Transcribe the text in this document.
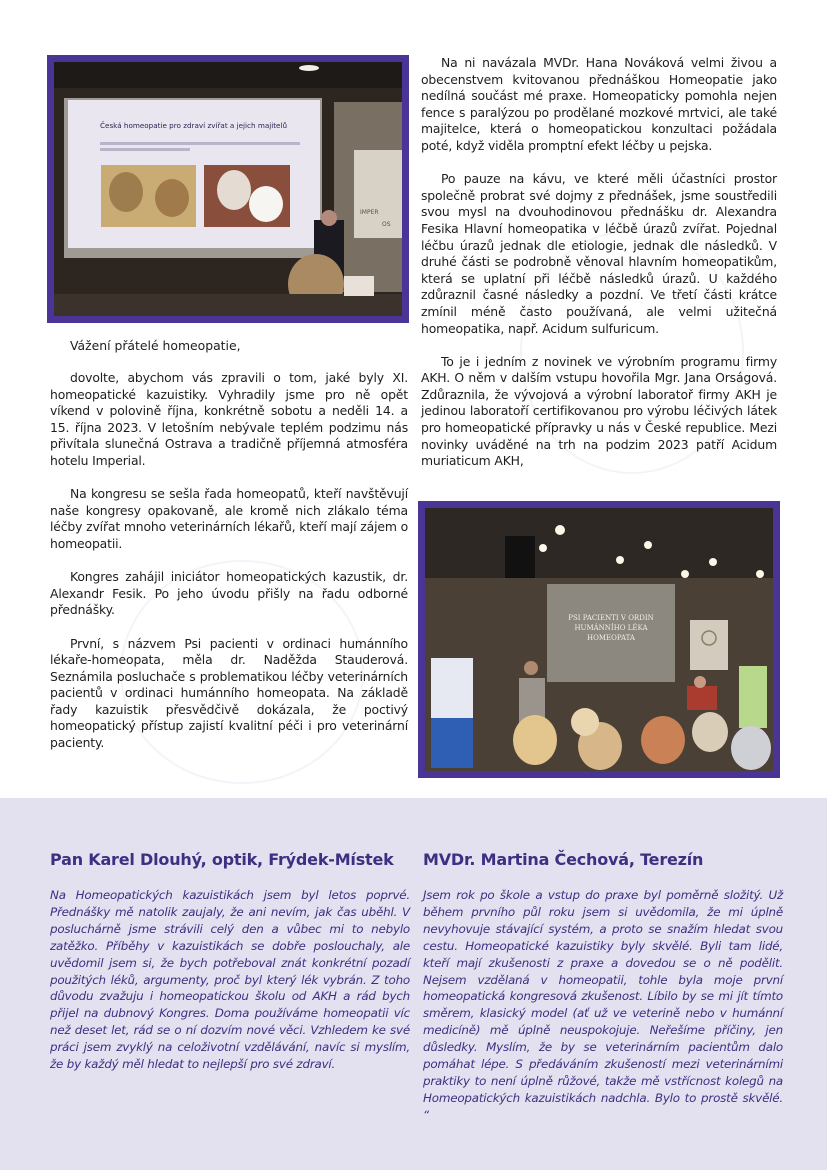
IMPER
OS
Česká homeopatie pro zdraví zvířat a jejich majitelů
Vážení přátelé homeopatie,

dovolte, abychom vás zpravili o tom, jaké byly XI. homeopatické kazuistiky. Vyhradily jsme pro ně opět víkend v polovině října, konkrétně sobotu a neděli 14. a 15. října 2023. V letošním nebývale teplém podzimu nás přivítala slunečná Ostrava a tradičně příjemná atmosféra hotelu Imperial.

Na kongresu se sešla řada homeopatů, kteří navštěvují naše kongresy opakovaně, ale kromě nich zlákalo téma léčby zvířat mnoho veterinárních lékařů, kteří mají zájem o homeopatii.

Kongres zahájil iniciátor homeopatických kazustik, dr. Alexandr Fesik. Po jeho úvodu přišly na řadu odborné přednášky.

První, s názvem Psi pacienti v ordinaci humánního lékaře-homeopata, měla dr. Naděžda Stauderová. Seznámila posluchače s problematikou léčby veterinárních pacientů v ordinaci humánního homeopata. Na základě řady kazuistik přesvědčivě dokázala, že poctivý homeopatický přístup zajistí kvalitní péči i pro veterinární pacienty.

Na ni navázala MVDr. Hana Nováková velmi živou a obecenstvem kvitovanou přednáškou Homeopatie jako nedílná součást mé praxe. Homeopaticky pomohla nejen fence s paralýzou po prodělané mozkové mrtvici, ale také majitelce, která o homeopatickou konzultaci požádala poté, když viděla promptní efekt léčby u pejska.

Po pauze na kávu, ve které měli účastníci prostor společně probrat své dojmy z přednášek, jsme soustředili svou mysl na dvouhodinovou přednášku dr. Alexandra Fesika Hlavní homeopatika v léčbě úrazů zvířat. Pojednal léčbu úrazů jednak dle etiologie, jednak dle následků. V druhé části se podrobně věnoval hlavním homeopatikům, která se uplatní při léčbě následků úrazů. U každého zdůraznil časné následky a pozdní. Ve třetí části krátce zmínil méně často používaná, ale velmi užitečná homeopatika, např. Acidum sulfuricum.

To je i jedním z novinek ve výrobním programu firmy AKH. O něm v dalším vstupu hovořila Mgr. Jana Orságová. Zdůraznila, že vývojová a výrobní laboratoř firmy AKH je jedinou laboratoří certifikovanou pro výrobu léčivých látek pro homeopatické přípravky u nás v České republice. Mezi novinky uváděné na trh na podzim 2023 patří Acidum muriaticum AKH,

PSI PACIENTI V ORDIN
HUMÁNNÍHO LÉKA
HOMEOPATA
Pan Karel Dlouhý, optik, Frýdek-Místek

Na Homeopatických kazuistikách jsem byl letos poprvé. Přednášky mě natolik zaujaly, že ani nevím, jak čas uběhl. V posluchárně jsme strávili celý den a vůbec mi to nebylo zatěžko. Příběhy v kazuistikách se dobře poslouchaly, ale uvědomil jsem si, že bych potřeboval znát konkrétní pozadí použitých léků, argumenty, proč byl který lék vybrán. Z toho důvodu zvažuju i homeopatickou školu od AKH a rád bych přijel na dubnový Kongres. Doma používáme homeopatii víc než deset let, rád se o ní dozvím nové věci. Vzhledem ke své práci jsem zvyklý na celoživotní vzdělávání, navíc si myslím, že by každý měl hledat to nejlepší pro své zdraví.

MVDr. Martina Čechová, Terezín

Jsem rok po škole a vstup do praxe byl poměrně složitý. Už během prvního půl roku jsem si uvědomila, že mi úplně nevyhovuje stávající systém, a proto se snažím hledat svou cestu. Homeopatické kazuistiky byly skvělé. Byli tam lidé, kteří mají zkušenosti z praxe a dovedou se o ně podělit. Nejsem vzdělaná v homeopatii, tohle byla moje první homeopatická kongresová zkušenost. Líbilo by se mi jít tímto směrem, klasický model (ať už ve veterině nebo v humánní medicíně) mě úplně neuspokojuje. Neřešíme příčiny, jen důsledky. Myslím, že by se veterinárním pacientům dalo pomáhat lépe. S předáváním zkušeností mezi veterinárními praktiky to není úplně růžové, takže mě vstřícnost kolegů na Homeopatických kazuistikách nadchla. Bylo to prostě skvělé. “
